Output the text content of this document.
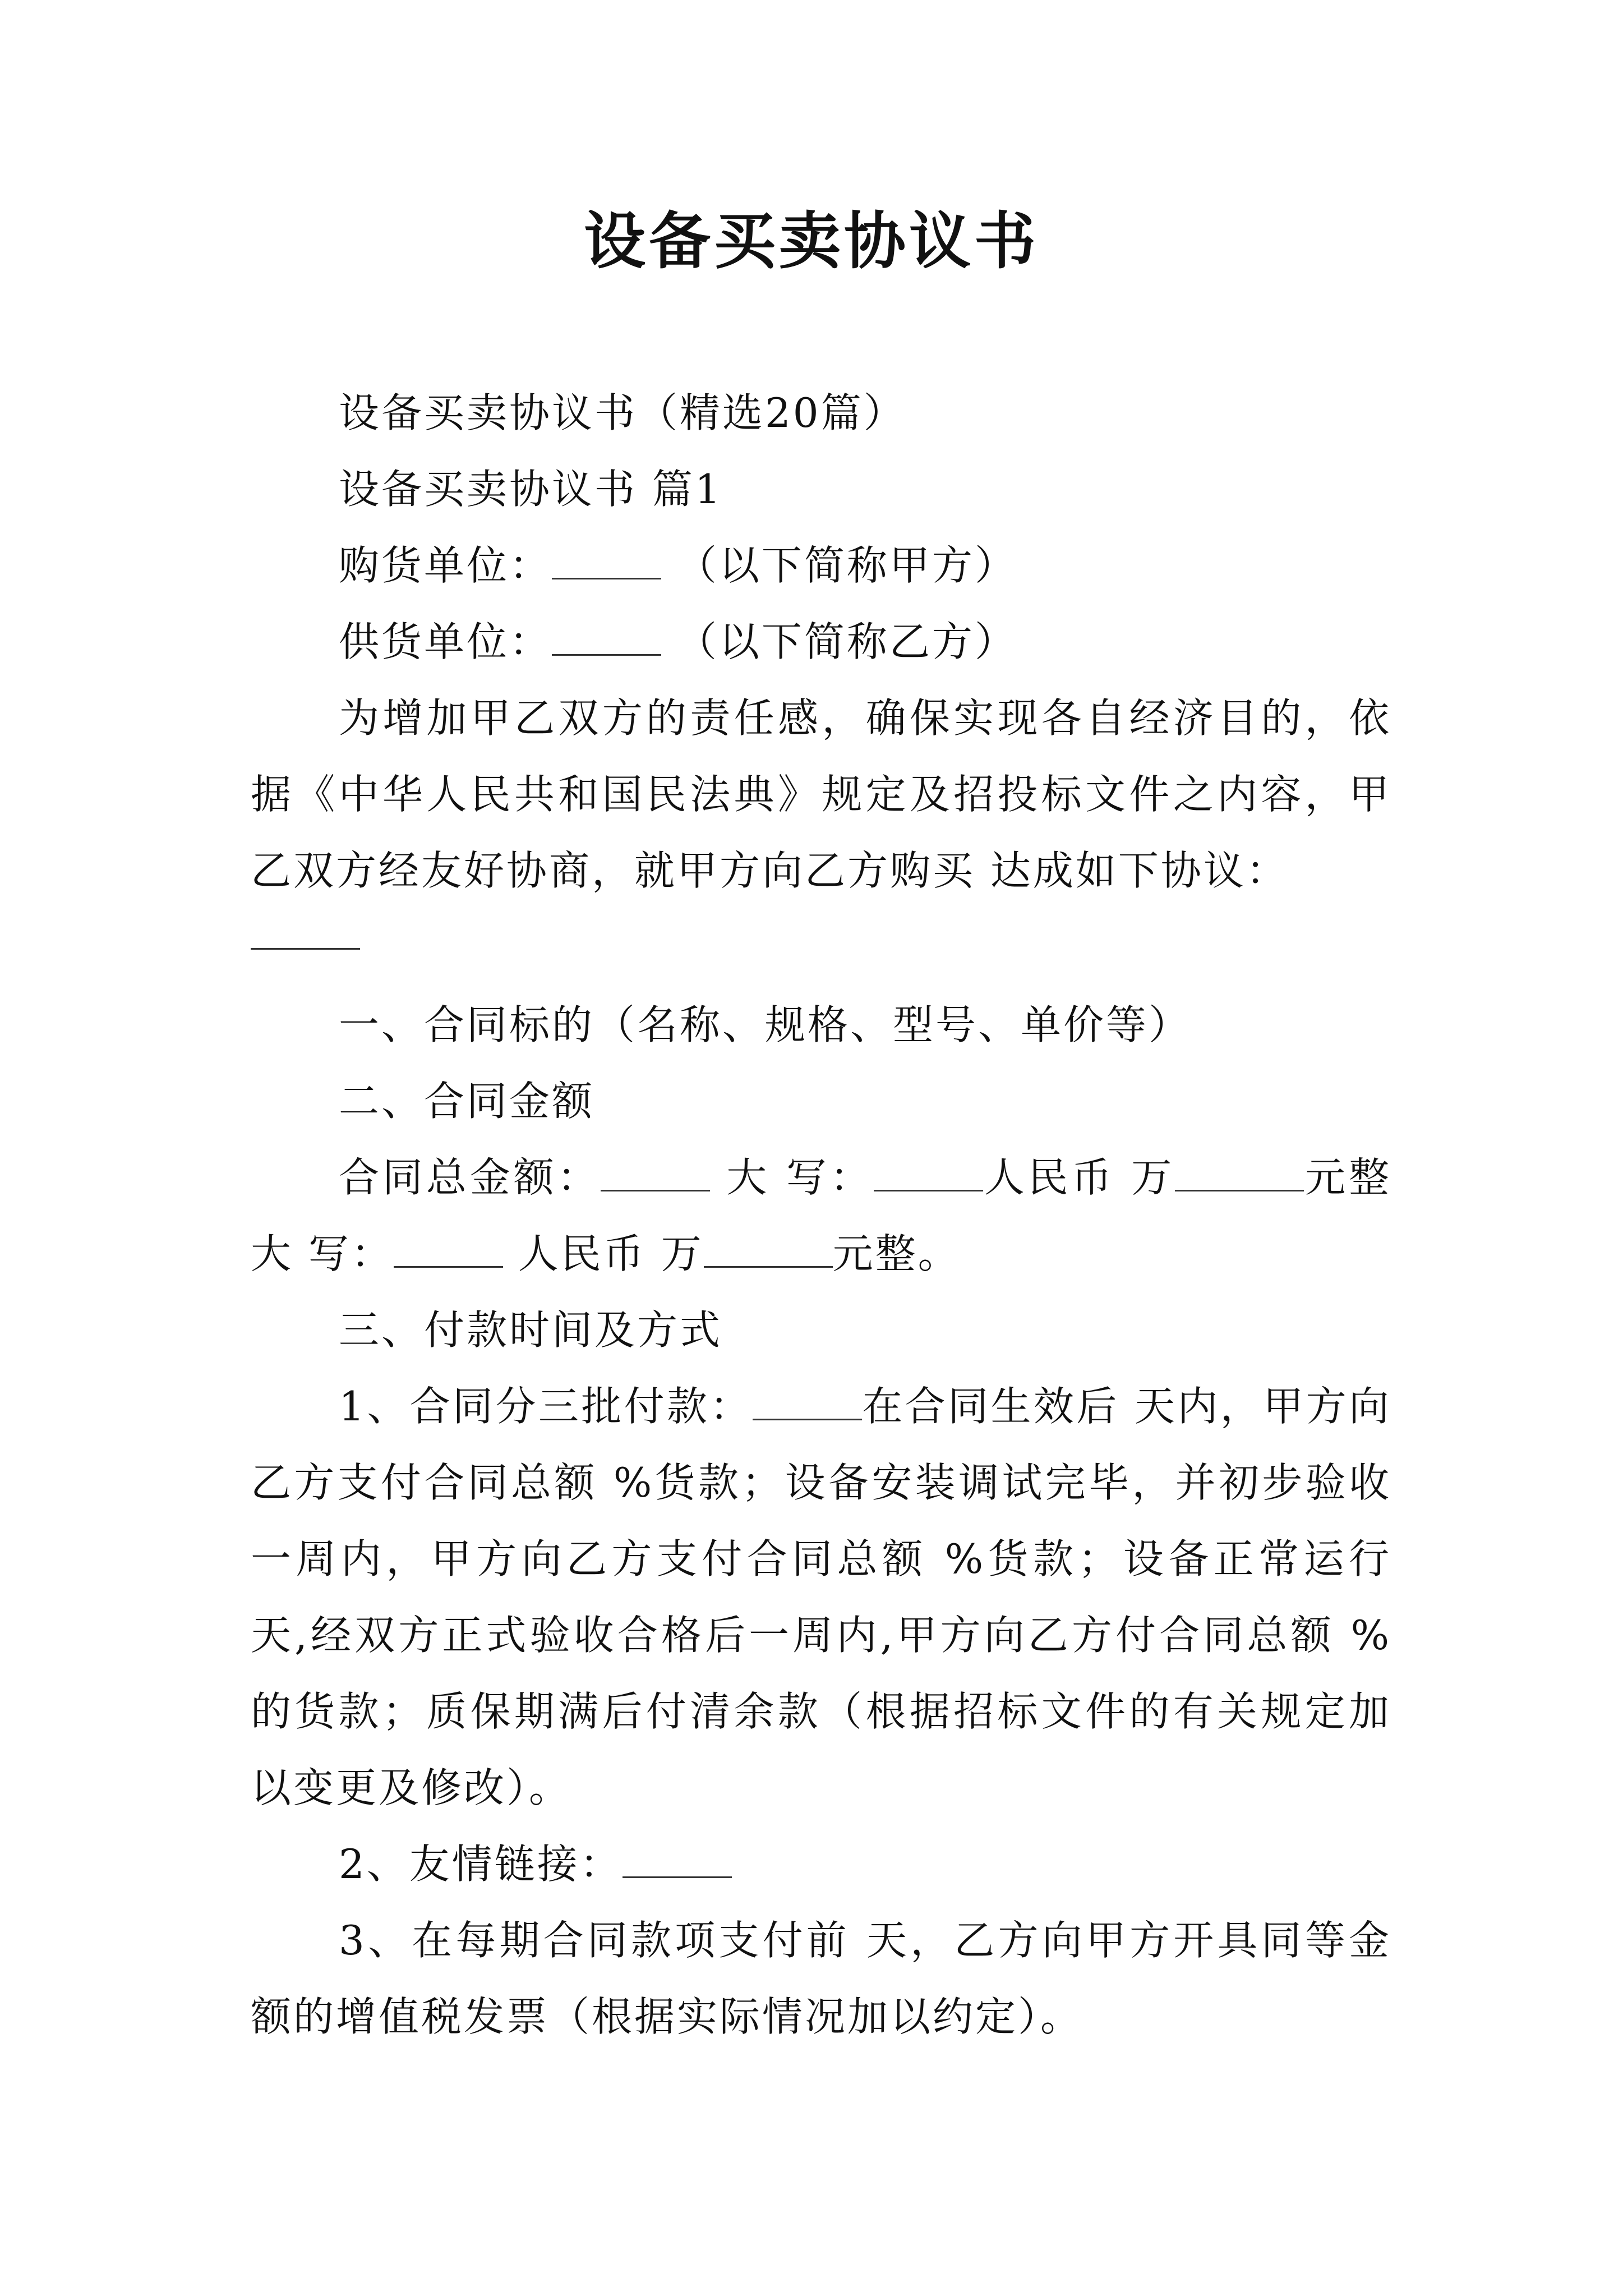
设备买卖协议书

设备买卖协议书（精选20篇）

设备买卖协议书 篇1

购货单位：	（以下简称甲方）

供货单位：	（以下简称乙方）

为增加甲乙双方的责任感，确保实现各自经济目的，依据《中华人民共和国民法典》规定及招投标文件之内容，甲乙双方经友好协商，就甲方向乙方购买 达成如下协议：

一、合同标的（名称、规格、型号、单价等）

二、合同金额

合同总金额：	大 写：	人民币 万	元整 大 写：	人民币 万	元整。

三、付款时间及方式

1、合同分三批付款：	在合同生效后 天内，甲方向乙方支付合同总额 %货款；设备安装调试完毕，并初步验收一周内，甲方向乙方支付合同总额 %货款；设备正常运行 天,经双方正式验收合格后一周内,甲方向乙方付合同总额 %的货款；质保期满后付清余款（根据招标文件的有关规定加以变更及修改）。

2、友情链接：

3、在每期合同款项支付前 天，乙方向甲方开具同等金额的增值税发票（根据实际情况加以约定）。
